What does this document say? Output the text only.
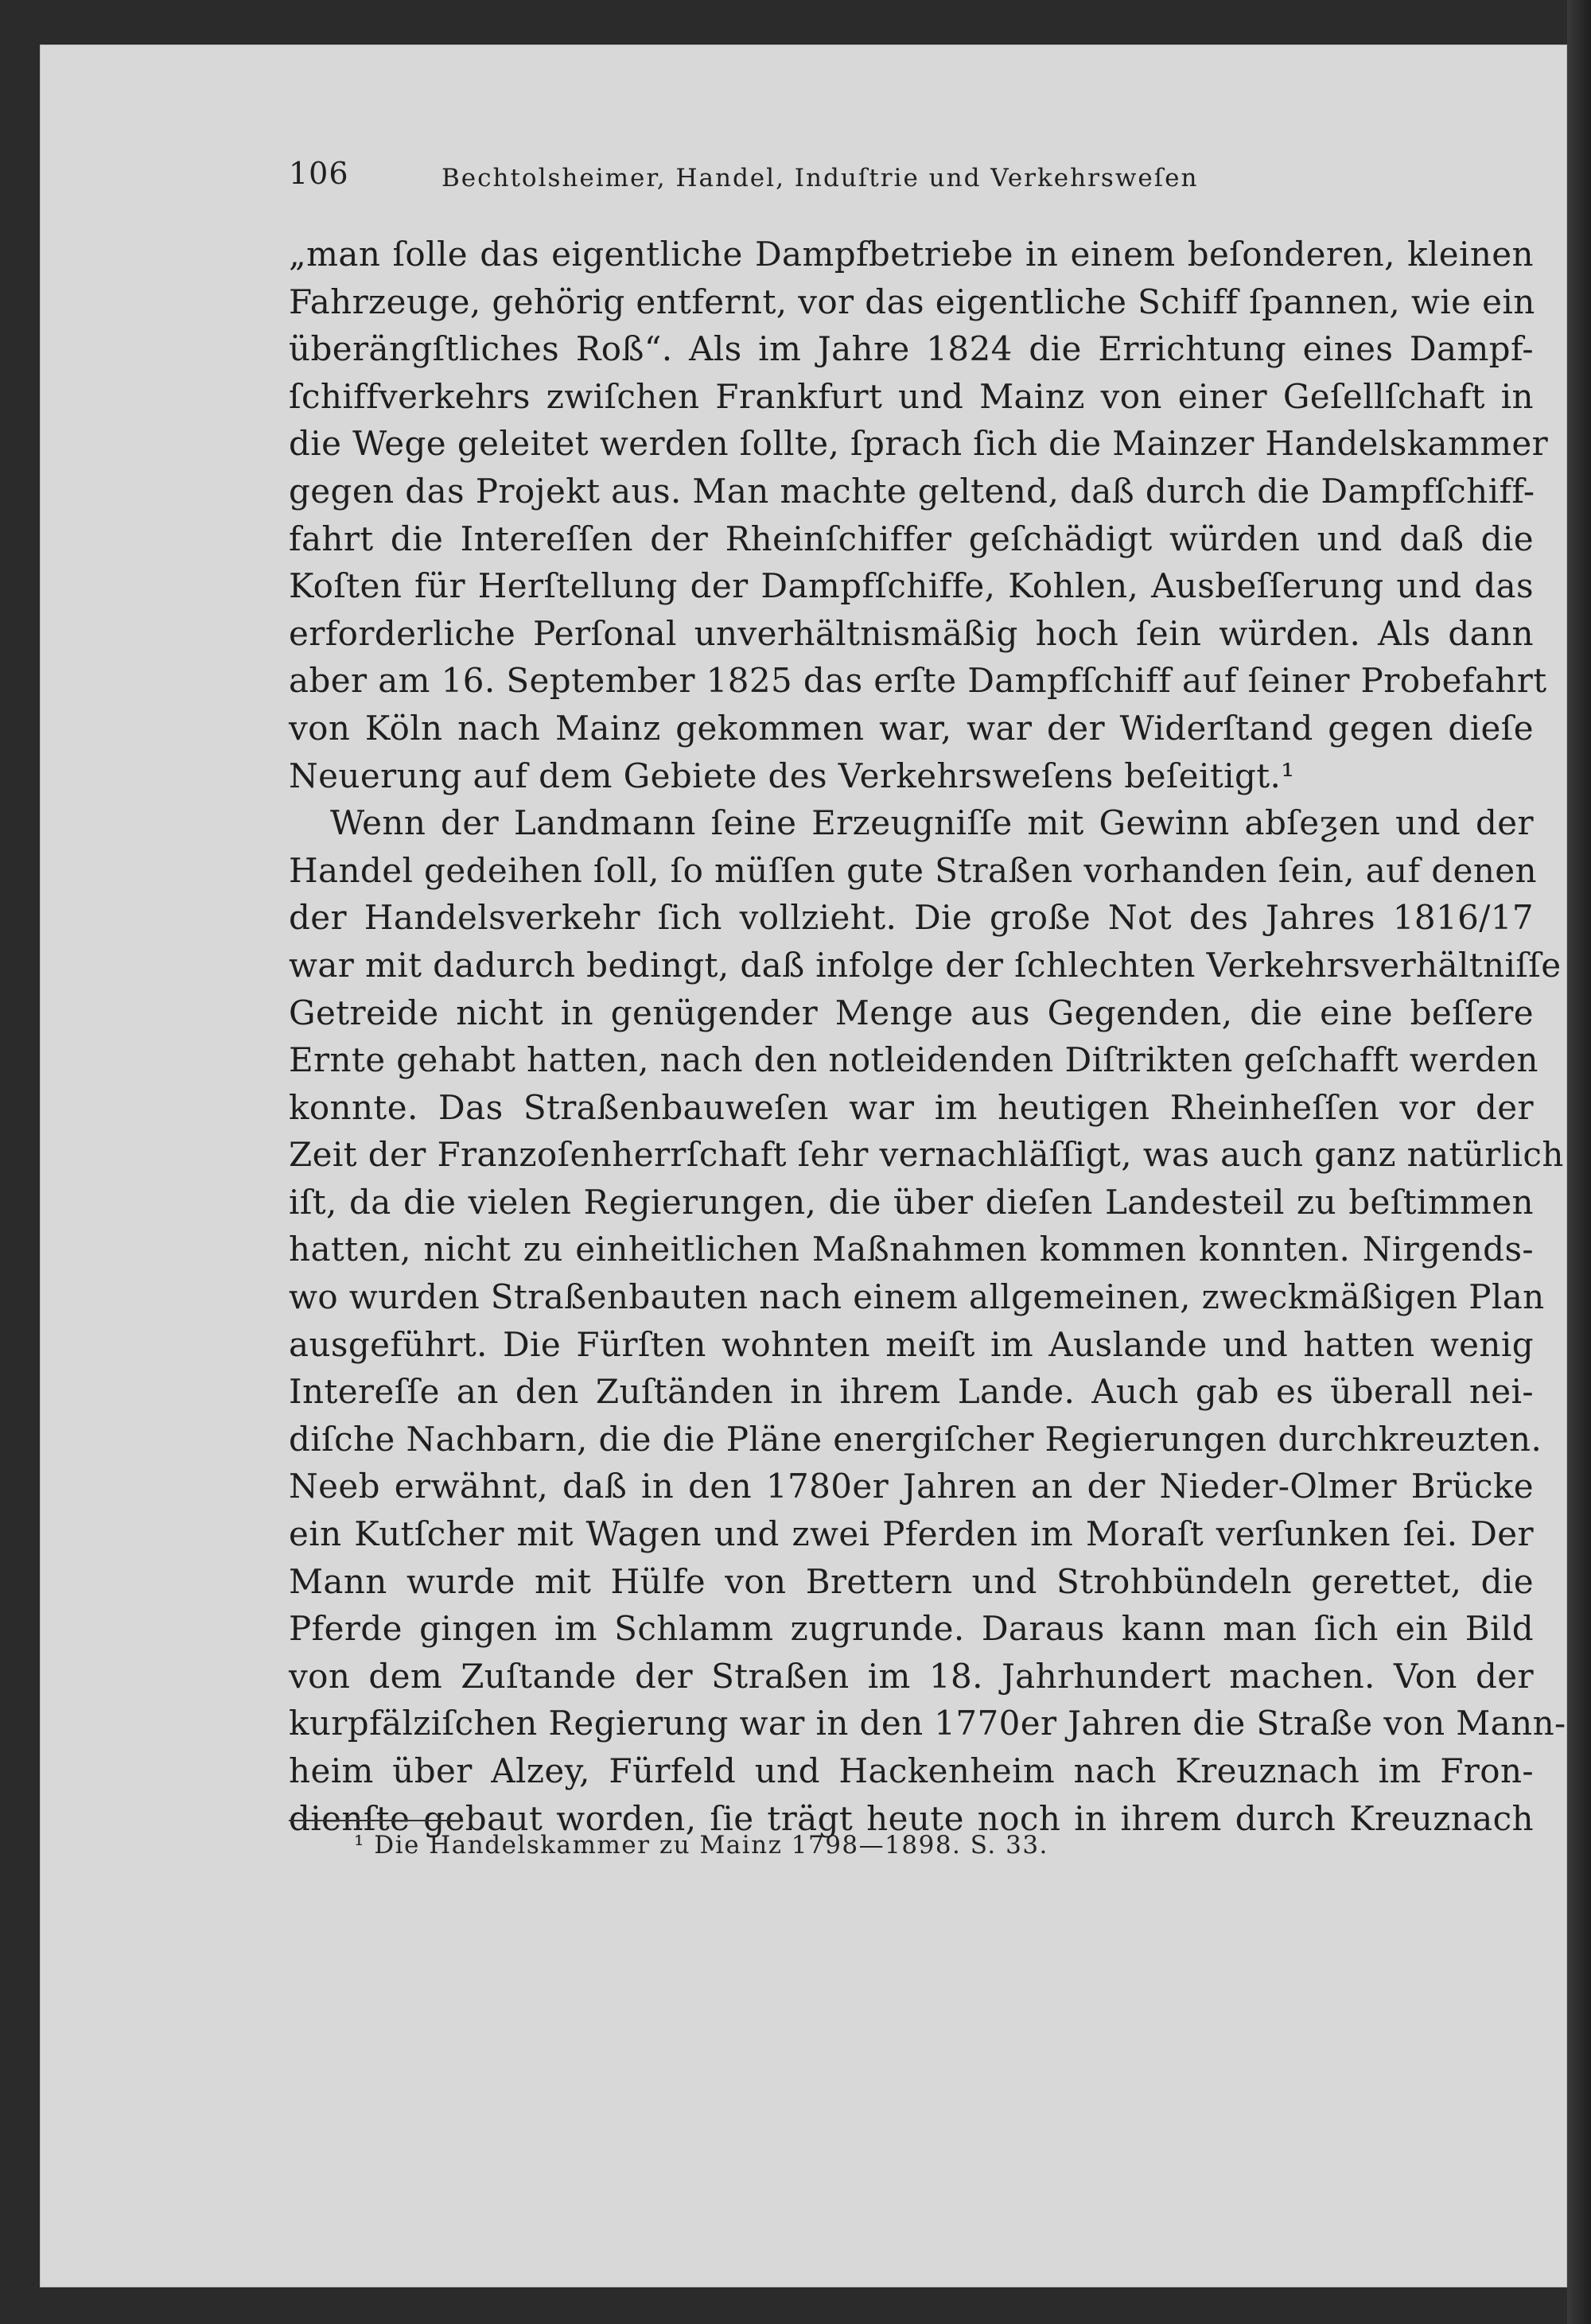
106	Bechtolsheimer, Handel, Induſtrie und Verkehrsweſen
„man ſolle das eigentliche Dampfbetriebe in einem beſonderen, kleinen
Fahrzeuge, gehörig entfernt, vor das eigentliche Schiff ſpannen, wie ein
überängſtliches Roß“. Als im Jahre 1824 die Errichtung eines Dampf-
ſchiffverkehrs zwiſchen Frankfurt und Mainz von einer Geſellſchaft in
die Wege geleitet werden ſollte, ſprach ſich die Mainzer Handelskammer
gegen das Projekt aus. Man machte geltend, daß durch die Dampfſchiff-
fahrt die Intereſſen der Rheinſchiffer geſchädigt würden und daß die
Koſten für Herſtellung der Dampfſchiffe, Kohlen, Ausbeſſerung und das
erforderliche Perſonal unverhältnismäßig hoch ſein würden. Als dann
aber am 16. September 1825 das erſte Dampfſchiff auf ſeiner Probefahrt
von Köln nach Mainz gekommen war, war der Widerſtand gegen dieſe
Neuerung auf dem Gebiete des Verkehrsweſens beſeitigt.¹
Wenn der Landmann ſeine Erzeugniſſe mit Gewinn abſeƺen und der
Handel gedeihen ſoll, ſo müſſen gute Straßen vorhanden ſein, auf denen
der Handelsverkehr ſich vollzieht. Die große Not des Jahres 1816/17
war mit dadurch bedingt, daß infolge der ſchlechten Verkehrsverhältniſſe
Getreide nicht in genügender Menge aus Gegenden, die eine beſſere
Ernte gehabt hatten, nach den notleidenden Diſtrikten geſchafft werden
konnte. Das Straßenbauweſen war im heutigen Rheinheſſen vor der
Zeit der Franzoſenherrſchaft ſehr vernachläſſigt, was auch ganz natürlich
iſt, da die vielen Regierungen, die über dieſen Landesteil zu beſtimmen
hatten, nicht zu einheitlichen Maßnahmen kommen konnten. Nirgends-
wo wurden Straßenbauten nach einem allgemeinen, zweckmäßigen Plan
ausgeführt. Die Fürſten wohnten meiſt im Auslande und hatten wenig
Intereſſe an den Zuſtänden in ihrem Lande. Auch gab es überall nei-
diſche Nachbarn, die die Pläne energiſcher Regierungen durchkreuzten.
Neeb erwähnt, daß in den 1780er Jahren an der Nieder-Olmer Brücke
ein Kutſcher mit Wagen und zwei Pferden im Moraſt verſunken ſei. Der
Mann wurde mit Hülfe von Brettern und Strohbündeln gerettet, die
Pferde gingen im Schlamm zugrunde. Daraus kann man ſich ein Bild
von dem Zuſtande der Straßen im 18. Jahrhundert machen. Von der
kurpfälziſchen Regierung war in den 1770er Jahren die Straße von Mann-
heim über Alzey, Fürfeld und Hackenheim nach Kreuznach im Fron-
dienſte gebaut worden, ſie trägt heute noch in ihrem durch Kreuznach
¹ Die Handelskammer zu Mainz 1798—1898. S. 33.
